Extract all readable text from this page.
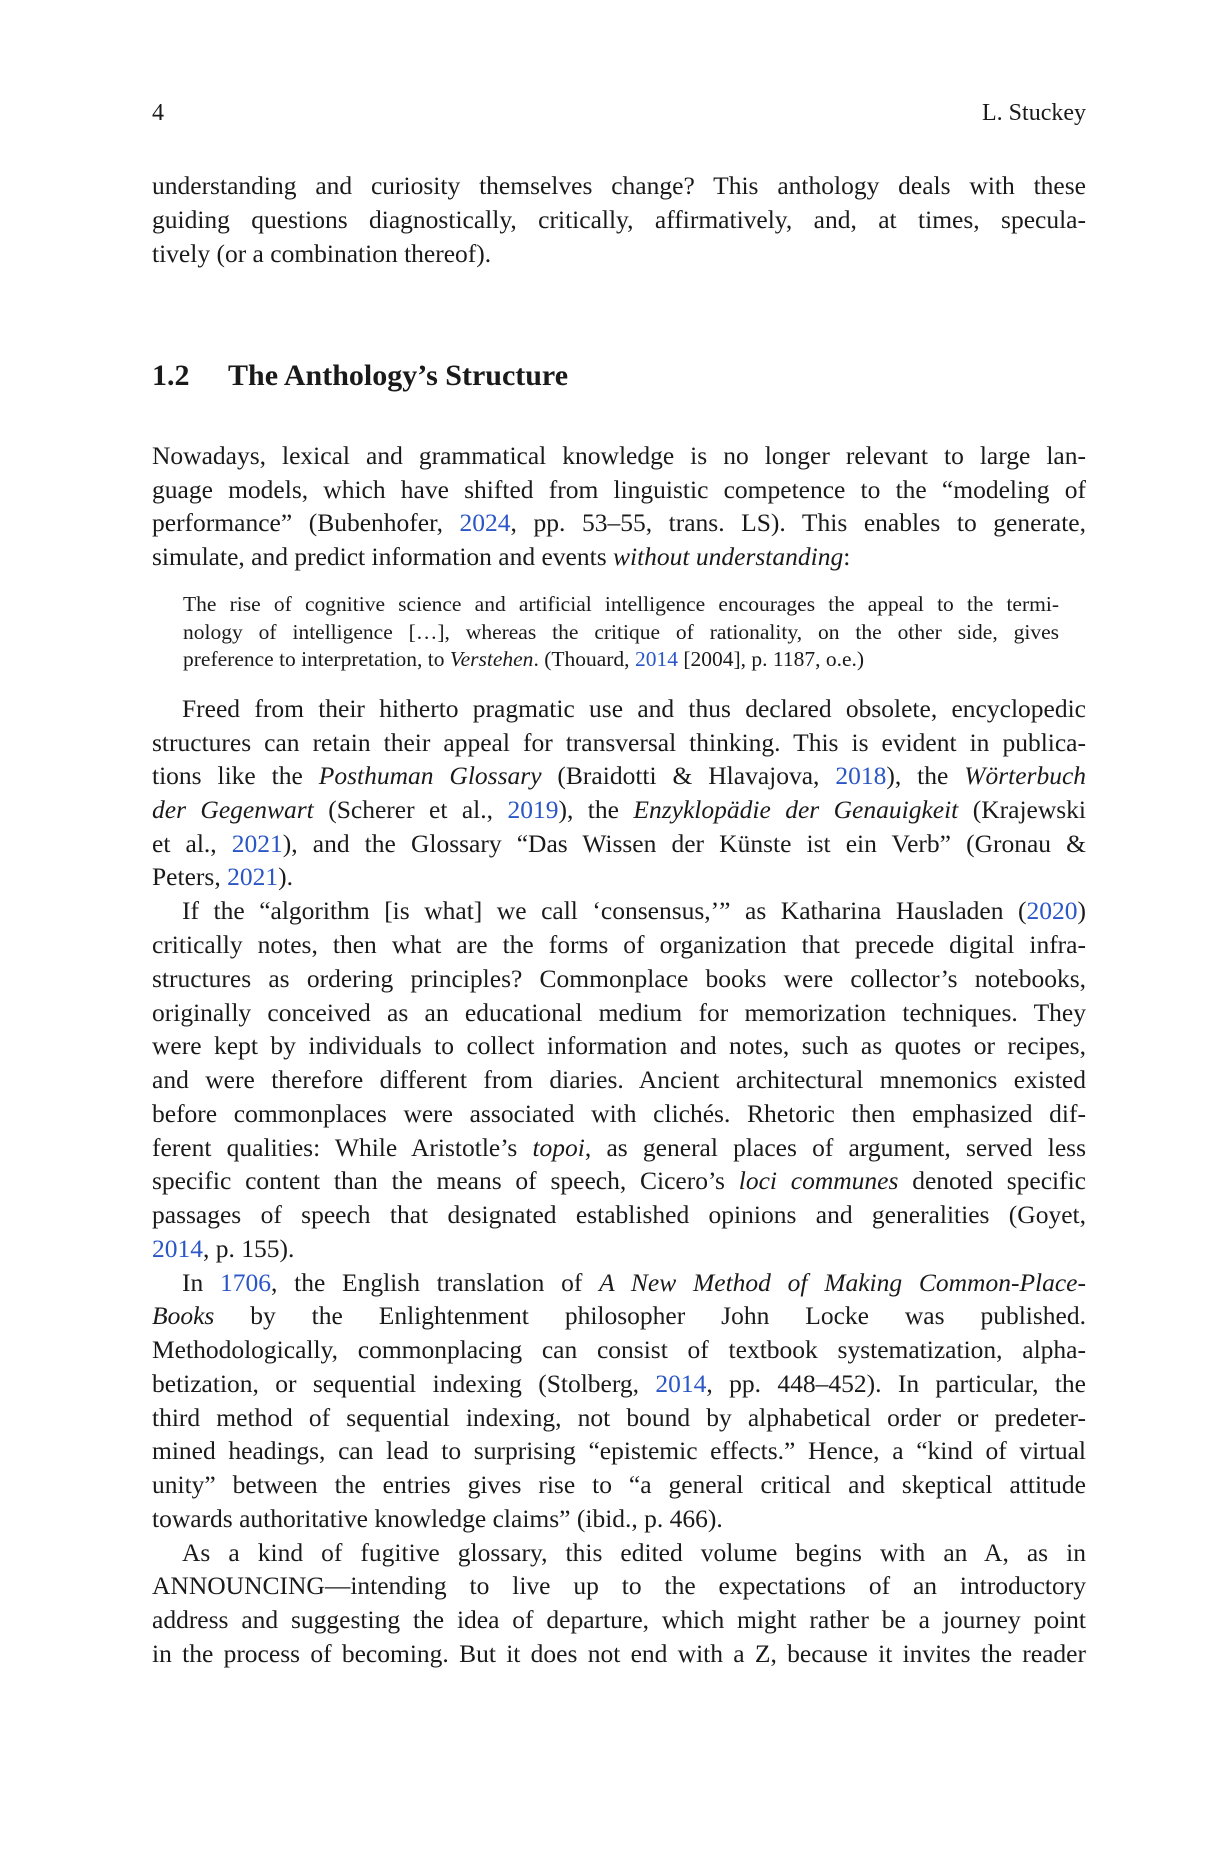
4	L. Stuckey
understanding and curiosity themselves change? This anthology deals with these
guiding questions diagnostically, critically, affirmatively, and, at times, specula-
tively (or a combination thereof).
1.2 The Anthology’s Structure
Nowadays, lexical and grammatical knowledge is no longer relevant to large lan-
guage models, which have shifted from linguistic competence to the “modeling of
performance” (Bubenhofer, 2024, pp. 53–55, trans. LS). This enables to generate,
simulate, and predict information and events without understanding:
The rise of cognitive science and artificial intelligence encourages the appeal to the termi-
nology of intelligence […], whereas the critique of rationality, on the other side, gives
preference to interpretation, to Verstehen. (Thouard, 2014 [2004], p. 1187, o.e.)
Freed from their hitherto pragmatic use and thus declared obsolete, encyclopedic
structures can retain their appeal for transversal thinking. This is evident in publica-
tions like the Posthuman Glossary (Braidotti & Hlavajova, 2018), the Wörterbuch
der Gegenwart (Scherer et al., 2019), the Enzyklopädie der Genauigkeit (Krajewski
et al., 2021), and the Glossary “Das Wissen der Künste ist ein Verb” (Gronau &
Peters, 2021).
If the “algorithm [is what] we call ‘consensus,’” as Katharina Hausladen (2020)
critically notes, then what are the forms of organization that precede digital infra-
structures as ordering principles? Commonplace books were collector’s notebooks,
originally conceived as an educational medium for memorization techniques. They
were kept by individuals to collect information and notes, such as quotes or recipes,
and were therefore different from diaries. Ancient architectural mnemonics existed
before commonplaces were associated with clichés. Rhetoric then emphasized dif-
ferent qualities: While Aristotle’s topoi, as general places of argument, served less
specific content than the means of speech, Cicero’s loci communes denoted specific
passages of speech that designated established opinions and generalities (Goyet,
2014, p. 155).
In 1706, the English translation of A New Method of Making Common-Place-
Books by the Enlightenment philosopher John Locke was published.
Methodologically, commonplacing can consist of textbook systematization, alpha-
betization, or sequential indexing (Stolberg, 2014, pp. 448–452). In particular, the
third method of sequential indexing, not bound by alphabetical order or predeter-
mined headings, can lead to surprising “epistemic effects.” Hence, a “kind of virtual
unity” between the entries gives rise to “a general critical and skeptical attitude
towards authoritative knowledge claims” (ibid., p. 466).
As a kind of fugitive glossary, this edited volume begins with an A, as in
ANNOUNCING—intending to live up to the expectations of an introductory
address and suggesting the idea of departure, which might rather be a journey point
in the process of becoming. But it does not end with a Z, because it invites the reader
